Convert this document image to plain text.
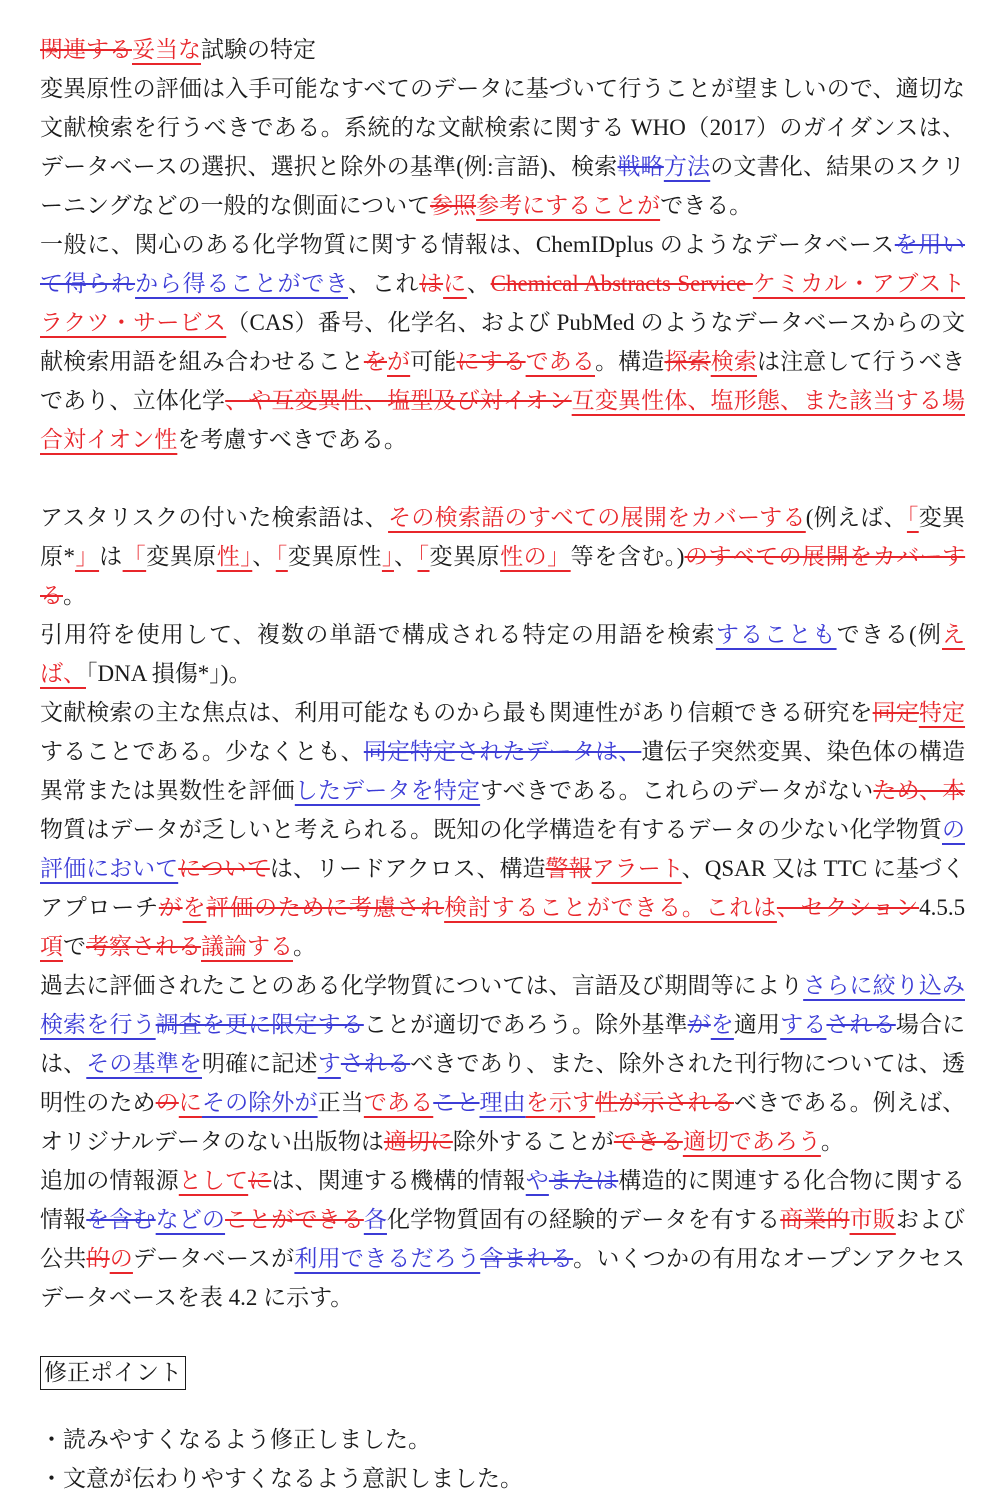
関連する妥当な試験の特定

変異原性の評価は入手可能なすべてのデータに基づいて行うことが望ましいので、適切な文献検索を行うべきである。系統的な文献検索に関する WHO（2017）のガイダンスは、データベースの選択、選択と除外の基準(例:言語)、検索戦略方法の文書化、結果のスクリーニングなどの一般的な側面について参照参考にすることができる。

一般に、関心のある化学物質に関する情報は、ChemIDplus のようなデータベースを用いて得られから得ることができ、これはに、Chemical Abstracts Service ケミカル・アブストラクツ・サービス（CAS）番号、化学名、および PubMed のようなデータベースからの文献検索用語を組み合わせることをが可能にするである。構造探索検索は注意して行うべきであり、立体化学、や互変異性、塩型及び対イオン互変異性体、塩形態、また該当する場合対イオン性を考慮すべきである。

アスタリスクの付いた検索語は、その検索語のすべての展開をカバーする(例えば、「変異原*」は「変異原性」、「変異原性」、「変異原性の」等を含む。)のすべての展開をカバーする。

引用符を使用して、複数の単語で構成される特定の用語を検索することもできる(例えば、「DNA 損傷*」)。

文献検索の主な焦点は、利用可能なものから最も関連性があり信頼できる研究を同定特定することである。少なくとも、同定特定されたデータは、遺伝子突然変異、染色体の構造異常または異数性を評価したデータを特定すべきである。これらのデータがないため、本物質はデータが乏しいと考えられる。既知の化学構造を有するデータの少ない化学物質の評価においてについては、リードアクロス、構造警報アラート、QSAR 又は TTC に基づくアプローチがを評価のために考慮され検討することができる。これは、セクション4.5.5 項で考察される議論する。

過去に評価されたことのある化学物質については、言語及び期間等によりさらに絞り込み検索を行う調査を更に限定することが適切であろう。除外基準がを適用するされる場合には、その基準を明確に記述すされるべきであり、また、除外された刊行物については、透明性のためのにその除外が正当であること理由を示す性が示されるべきである。例えば、オリジナルデータのない出版物は適切に除外することができる適切であろう。

追加の情報源としてには、関連する機構的情報やまたは構造的に関連する化合物に関する情報を含むなどのことができる各化学物質固有の経験的データを有する商業的市販および公共的のデータベースが利用できるだろう含まれる。いくつかの有用なオープンアクセスデータベースを表 4.2 に示す。

修正ポイント

・読みやすくなるよう修正しました。

・文意が伝わりやすくなるよう意訳しました。
